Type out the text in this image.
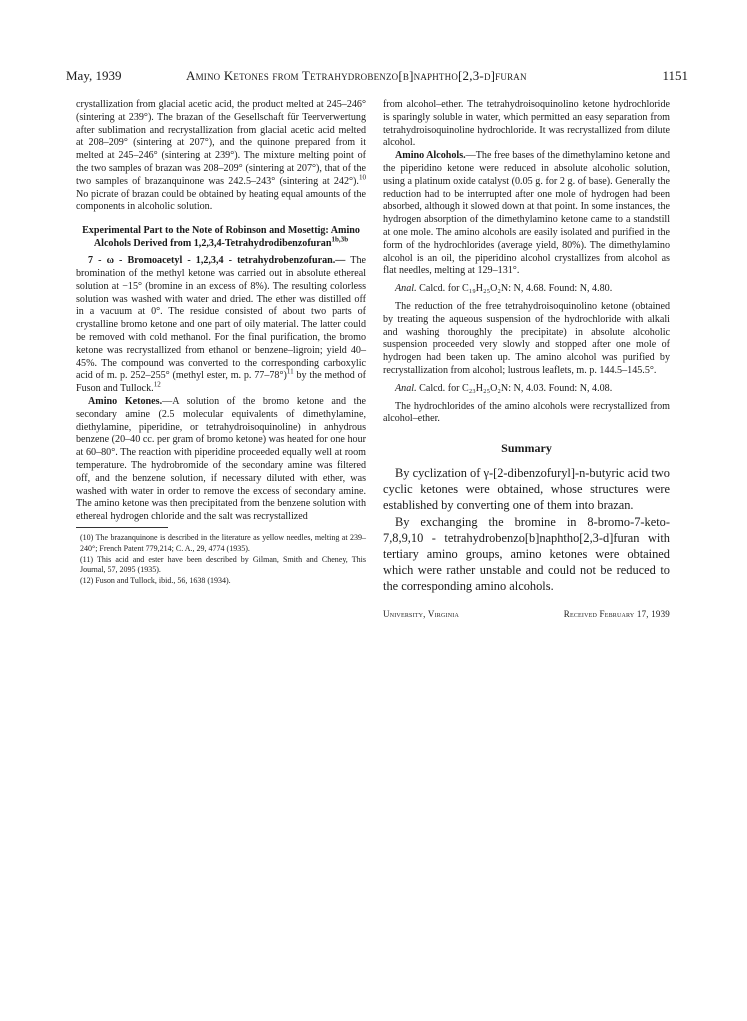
May, 1939	Amino Ketones from Tetrahydrobenzo[b]naphtho[2,3-d]furan	1151

crystallization from glacial acetic acid, the product melted at 245–246° (sintering at 239°). The brazan of the Gesellschaft für Teerverwertung after sublimation and recrystallization from glacial acetic acid melted at 208–209° (sintering at 207°), and the quinone prepared from it melted at 245–246° (sintering at 239°). The mixture melting point of the two samples of brazan was 208–209° (sintering at 207°), that of the two samples of brazanquinone was 242.5–243° (sintering at 242°).$^{10}$ No picrate of brazan could be obtained by heating equal amounts of the components in alcoholic solution.

Experimental Part to the Note of Robinson and Mosettig: Amino Alcohols Derived from 1,2,3,4-Tetrahydrodibenzofuran$^{1b,3b}$

7 - ω - Bromoacetyl - 1,2,3,4 - tetrahydrobenzofuran.— The bromination of the methyl ketone was carried out in absolute ethereal solution at −15° (bromine in an excess of 8%). The resulting colorless solution was washed with water and dried. The ether was distilled off in a vacuum at 0°. The residue consisted of about two parts of crystalline bromo ketone and one part of oily material. The latter could be removed with cold methanol. For the final purification, the bromo ketone was recrystallized from ethanol or benzene–ligroin; yield 40–45%. The compound was converted to the corresponding carboxylic acid of m. p. 252–255° (methyl ester, m. p. 77–78°)$^{11}$ by the method of Fuson and Tullock.$^{12}$

Amino Ketones.—A solution of the bromo ketone and the secondary amine (2.5 molecular equivalents of dimethylamine, diethylamine, piperidine, or tetrahydroisoquinoline) in anhydrous benzene (20–40 cc. per gram of bromo ketone) was heated for one hour at 60–80°. The reaction with piperidine proceeded equally well at room temperature. The hydrobromide of the secondary amine was filtered off, and the benzene solution, if necessary diluted with ether, was washed with water in order to remove the excess of secondary amine. The amino ketone was then precipitated from the benzene solution with ethereal hydrogen chloride and the salt was recrystallized

(10) The brazanquinone is described in the literature as yellow needles, melting at 239–240°; French Patent 779,214; C. A., 29, 4774 (1935).

(11) This acid and ester have been described by Gilman, Smith and Cheney, This Journal, 57, 2095 (1935).

(12) Fuson and Tullock, ibid., 56, 1638 (1934).

from alcohol–ether. The tetrahydroisoquinolino ketone hydrochloride is sparingly soluble in water, which permitted an easy separation from tetrahydroisoquinoline hydrochloride. It was recrystallized from dilute alcohol.

Amino Alcohols.—The free bases of the dimethylamino ketone and the piperidino ketone were reduced in absolute alcoholic solution, using a platinum oxide catalyst (0.05 g. for 2 g. of base). Generally the reduction had to be interrupted after one mole of hydrogen had been absorbed, although it slowed down at that point. In some instances, the hydrogen absorption of the dimethylamino ketone came to a standstill at one mole. The amino alcohols are easily isolated and purified in the form of the hydrochlorides (average yield, 80%). The dimethylamino alcohol is an oil, the piperidino alcohol crystallizes from alcohol as flat needles, melting at 129–131°.

Anal. Calcd. for C₁₉H₂₅O₂N: N, 4.68. Found: N, 4.80.

The reduction of the free tetrahydroisoquinolino ketone (obtained by treating the aqueous suspension of the hydrochloride with alkali and washing thoroughly the precipitate) in absolute alcoholic suspension proceeded very slowly and stopped after one mole of hydrogen had been taken up. The amino alcohol was purified by recrystallization from alcohol; lustrous leaflets, m. p. 144.5–145.5°.

Anal. Calcd. for C₂₃H₂₅O₂N: N, 4.03. Found: N, 4.08.

The hydrochlorides of the amino alcohols were recrystallized from alcohol–ether.

Summary

By cyclization of γ-[2-dibenzofuryl]-n-butyric acid two cyclic ketones were obtained, whose structures were established by converting one of them into brazan.

By exchanging the bromine in 8-bromo-7-keto-7,8,9,10 - tetrahydrobenzo[b]naphtho[2,3-d]furan with tertiary amino groups, amino ketones were obtained which were rather unstable and could not be reduced to the corresponding amino alcohols.

University, Virginia	Received February 17, 1939
